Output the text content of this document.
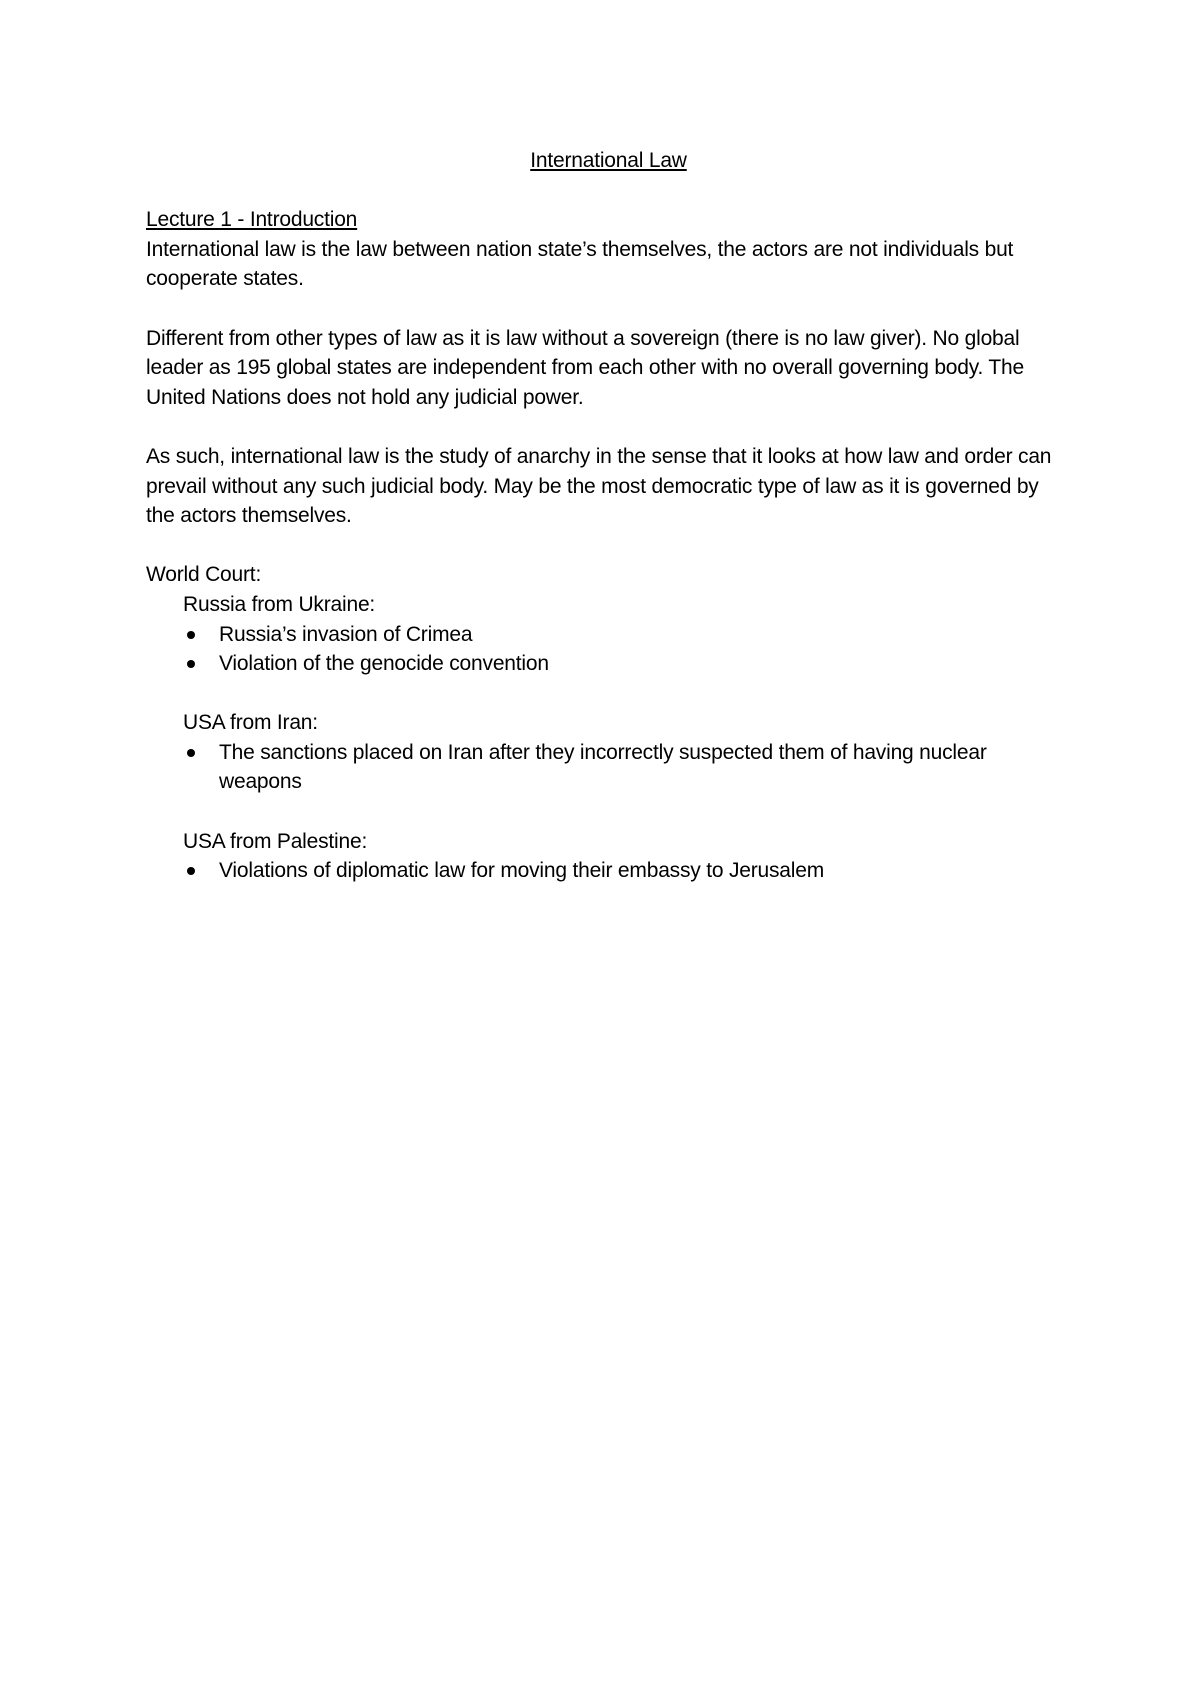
International Law
Lecture 1 - Introduction

International law is the law between nation state’s themselves, the actors are not individuals but cooperate states.

Different from other types of law as it is law without a sovereign (there is no law giver). No global leader as 195 global states are independent from each other with no overall governing body. The United Nations does not hold any judicial power.

As such, international law is the study of anarchy in the sense that it looks at how law and order can prevail without any such judicial body. May be the most democratic type of law as it is governed by the actors themselves.

World Court:

Russia from Ukraine:

Russia’s invasion of Crimea
Violation of the genocide convention

USA from Iran:

The sanctions placed on Iran after they incorrectly suspected them of having nuclear weapons

USA from Palestine:

Violations of diplomatic law for moving their embassy to Jerusalem
